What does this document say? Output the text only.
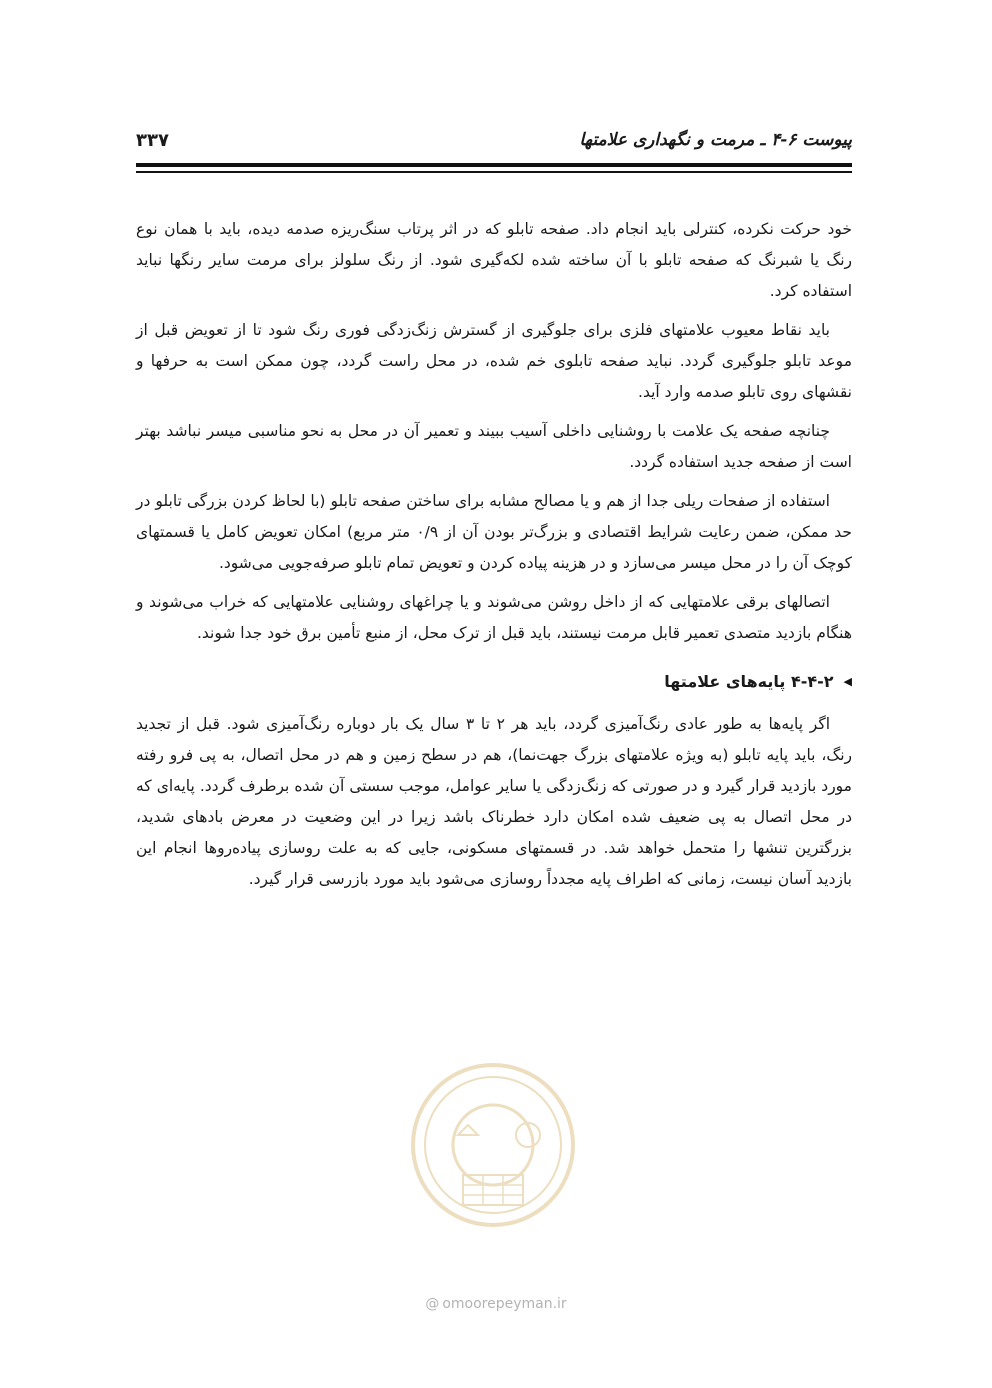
پیوست ۶-۴ ـ مرمت و نگهداری علامتها
۳۳۷

خود حرکت نکرده، کنترلی باید انجام داد. صفحه تابلو که در اثر پرتاب سنگ‌ریزه صدمه دیده، باید با همان نوع رنگ یا شبرنگ که صفحه تابلو با آن ساخته شده لکه‌گیری شود. از رنگ سلولز برای مرمت سایر رنگها نباید استفاده کرد.

باید نقاط معیوب علامتهای فلزی برای جلوگیری از گسترش زنگ‌زدگی فوری رنگ شود تا از تعویض قبل از موعد تابلو جلوگیری گردد. نباید صفحه تابلوی خم شده، در محل راست گردد، چون ممکن است به حرفها و نقشهای روی تابلو صدمه وارد آید.

چنانچه صفحه یک علامت با روشنایی داخلی آسیب ببیند و تعمیر آن در محل به نحو مناسبی میسر نباشد بهتر است از صفحه جدید استفاده گردد.

استفاده از صفحات ریلی جدا از هم و یا مصالح مشابه برای ساختن صفحه تابلو (با لحاظ کردن بزرگی تابلو در حد ممکن، ضمن رعایت شرایط اقتصادی و بزرگ‌تر بودن آن از ۰/۹ متر مربع) امکان تعویض کامل یا قسمتهای کوچک آن را در محل میسر می‌سازد و در هزینه پیاده کردن و تعویض تمام تابلو صرفه‌جویی می‌شود.

اتصالهای برقی علامتهایی که از داخل روشن می‌شوند و یا چراغهای روشنایی علامتهایی که خراب می‌شوند و هنگام بازدید متصدی تعمیر قابل مرمت نیستند، باید قبل از ترک محل، از منبع تأمین برق خود جدا شوند.

◀
۴-۴-۲ پایه‌های علامتها

اگر پایه‌ها به طور عادی رنگ‌آمیزی گردد، باید هر ۲ تا ۳ سال یک بار دوباره رنگ‌آمیزی شود. قبل از تجدید رنگ، باید پایه تابلو (به ویژه علامتهای بزرگ جهت‌نما)، هم در سطح زمین و هم در محل اتصال، به پی فرو رفته مورد بازدید قرار گیرد و در صورتی که زنگ‌زدگی یا سایر عوامل، موجب سستی آن شده برطرف گردد. پایه‌ای که در محل اتصال به پی ضعیف شده امکان دارد خطرناک باشد زیرا در این وضعیت در معرض بادهای شدید، بزرگترین تنشها را متحمل خواهد شد. در قسمتهای مسکونی، جایی که به علت روسازی پیاده‌روها انجام این بازدید آسان نیست، زمانی که اطراف پایه مجدداً روسازی می‌شود باید مورد بازرسی قرار گیرد.

@ omoorepeyman.ir
